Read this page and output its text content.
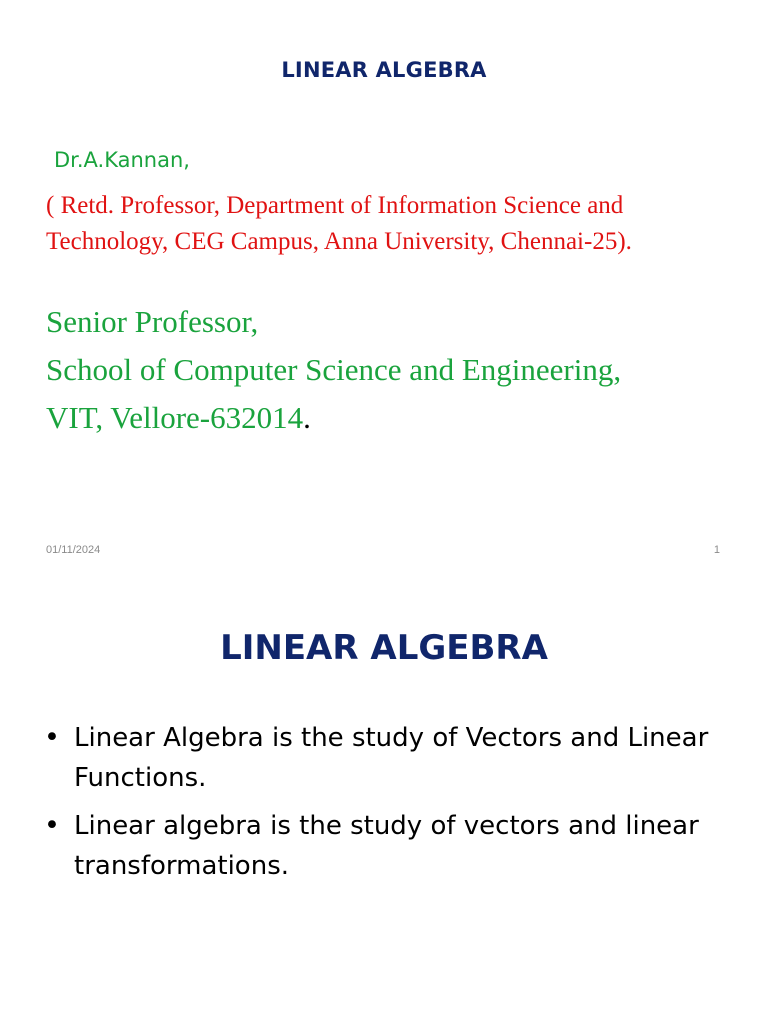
LINEAR ALGEBRA
Dr.A.Kannan,
( Retd. Professor, Department of Information Science and Technology, CEG Campus, Anna University, Chennai-25).
Senior Professor,
School of Computer Science and Engineering,
VIT, Vellore-632014.
01/11/2024	1
LINEAR ALGEBRA
• Linear Algebra is the study of Vectors and Linear Functions.
• Linear algebra is the study of vectors and linear transformations.
